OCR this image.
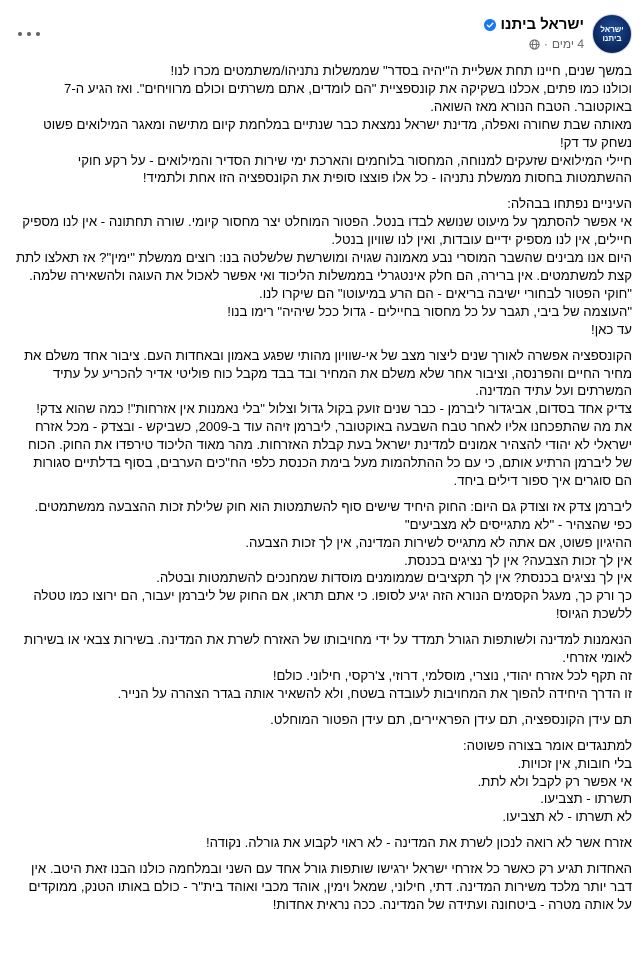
ישראל ביתנו
ישראל ביתנו
4 ימים
·
במשך שנים, חיינו תחת אשליית ה"יהיה בסדר" שממשלות נתניהו/משתמטים מכרו לנו!
וכולנו כמו פתים, אכלנו בשקיקה את קונספציית "הם לומדים, אתם משרתים וכולם מרוויחים". ואז הגיע ה-7 באוקטובר. הטבח הנורא מאז השואה.
מאותה שבת שחורה ואפלה, מדינת ישראל נמצאת כבר שנתיים במלחמת קיום מתישה ומאגר המילואים פשוט נשחק עד דק!
חיילי המילואים שזעקים למנוחה, המחסור בלוחמים והארכת ימי שירות הסדיר והמילואים - על רקע חוקי ההשתמטות בחסות ממשלת נתניהו - כל אלו פוצצו סופית את הקונספציה הזו אחת ולתמיד!
העיניים נפתחו בבהלה:
אי אפשר להסתמך על מיעוט שנושא לבדו בנטל. הפטור המוחלט יצר מחסור קיומי. שורה תחתונה - אין לנו מספיק חיילים, אין לנו מספיק ידיים עובדות, ואין לנו שוויון בנטל.
היום אנו מבינים שהשבר המוסרי נבע מאמונה שגויה ומושרשת שלשלטה בנו: רוצים ממשלת "ימין"? אז תאלצו לתת קצת למשתמטים. אין ברירה, הם חלק אינטגרלי בממשלות הליכוד ואי אפשר לאכול את העוגה ולהשאירה שלמה.
"חוקי הפטור לבחורי ישיבה בריאים - הם הרע במיעוטו" הם שיקרו לנו.
"העוצמה של ביבי, תגבר על כל מחסור בחיילים - גדול ככל שיהיה" רימו בנו!
עד כאן!
הקונספציה אפשרה לאורך שנים ליצור מצב של אי-שוויון מהותי שפגע באמון ובאחדות העם. ציבור אחד משלם את מחיר החיים והפרנסה, וציבור אחר שלא משלם את המחיר ובד בבד מקבל כוח פוליטי אדיר להכריע על עתיד המשרתים ועל עתיד המדינה.
צדיק אחד בסדום, אביגדור ליברמן - כבר שנים זועק בקול גדול וצלול "בלי נאמנות אין אזרחות"! כמה שהוא צדק!
את מה שהתפכחנו אליו לאחר טבח השבעה באוקטובר, ליברמן זיהה עוד ב-2009, כשביקש - ובצדק - מכל אזרח ישראלי לא יהודי להצהיר אמונים למדינת ישראל בעת קבלת האזרחות. מהר מאוד הליכוד טירפדו את החוק. הכוח של ליברמן הרתיע אותם, כי עם כל ההתלהמות מעל בימת הכנסת כלפי הח"כים הערבים, בסוף בדלתיים סגורות הם סוגרים איך ספור דילים ביחד.
ליברמן צדק אז וצודק גם היום: החוק היחיד שישים סוף להשתמטות הוא חוק שלילת זכות ההצבעה ממשתמטים. כפי שהצהיר - "לא מתגייסים לא מצביעים"
ההיגיון פשוט, אם אתה לא מתגייס לשירות המדינה, אין לך זכות הצבעה.
אין לך זכות הצבעה? אין לך נציגים בכנסת.
אין לך נציגים בכנסת? אין לך תקציבים שממומנים מוסדות שמחנכים להשתמטות ובטלה.
כך ורק כך, מעגל הקסמים הנורא הזה יגיע לסופו. כי אתם תראו, אם החוק של ליברמן יעבור, הם ירוצו כמו טטלה ללשכת הגיוס!
הנאמנות למדינה ולשותפות הגורל תמדד על ידי מחויבותו של האזרח לשרת את המדינה. בשירות צבאי או בשירות לאומי אזרחי.
זה תקף לכל אזרח יהודי, נוצרי, מוסלמי, דרוזי, צ'רקסי, חילוני. כולם!
זו הדרך היחידה להפוך את המחויבות לעובדה בשטח, ולא להשאיר אותה בגדר הצהרה על הנייר.
תם עידן הקונספציה, תם עידן הפראיירים, תם עידן הפטור המוחלט.
למתנגדים אומר בצורה פשוטה:
בלי חובות, אין זכויות.
אי אפשר רק לקבל ולא לתת.
תשרתו - תצביעו.
לא תשרתו - לא תצביעו.
אזרח אשר לא רואה לנכון לשרת את המדינה - לא ראוי לקבוע את גורלה. נקודה!
האחדות תגיע רק כאשר כל אזרחי ישראל ירגישו שותפות גורל אחד עם השני ובמלחמה כולנו הבנו זאת היטב. אין דבר יותר מלכד משירות המדינה. דתי, חילוני, שמאל וימין, אוהד מכבי ואוהד בית"ר - כולם באותו הטנק, ממוקדים על אותה מטרה - ביטחונה ועתידה של המדינה. ככה נראית אחדות!
